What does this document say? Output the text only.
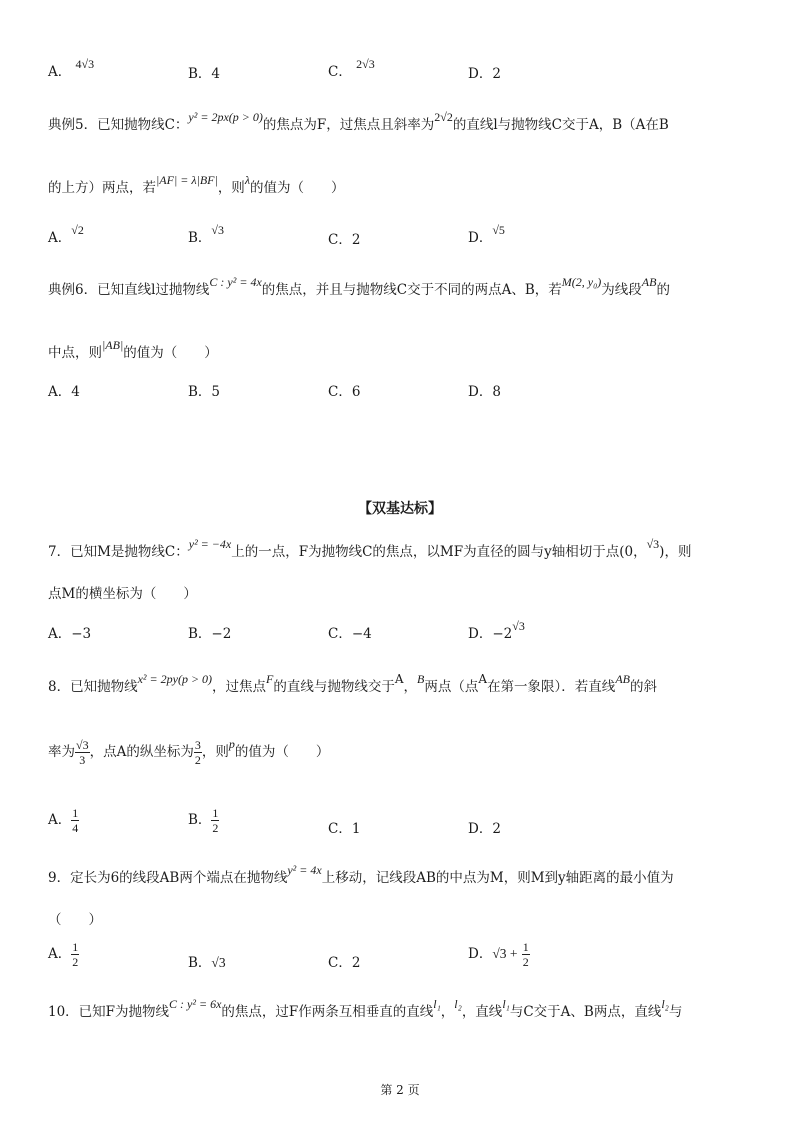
A． 4√3
B．4	C． 2√3
D．2
典例5．已知抛物线C：y² = 2px(p > 0)的焦点为F，过焦点且斜率为2√2的直线l与抛物线C交于A，B（A在B
的上方）两点，若|AF| = λ|BF|，则λ的值为（　　）
A．√2	B．√3
C．2	D．√5
典例6．已知直线l过抛物线C : y² = 4x的焦点，并且与抛物线C交于不同的两点A、B，若M(2, y₀)为线段AB的
中点，则|AB|的值为（　　）
A．4	B．5	C．6	D．8
【双基达标】
7．已知M是抛物线C：y² = −4x上的一点，F为抛物线C的焦点，以MF为直径的圆与y轴相切于点(0，√3)，则
点M的横坐标为（　　）
A．−3	B．−2	C．−4	D．−2√3
8．已知抛物线x² = 2py(p > 0)，过焦点F的直线与抛物线交于A，B两点（点A在第一象限）．若直线AB的斜
率为 $\frac{√3}{3}$ ，点A的纵坐标为 $\frac{3}{2}$ ，则p的值为（　　）
A． $\frac{1}{4}$	B． $\frac{1}{2}$	C．1	D．2
9．定长为6的线段AB两个端点在抛物线y² = 4x上移动，记线段AB的中点为M，则M到y轴距离的最小值为
（　　）
A． $\frac{1}{2}$	B．√3	C．2
D．$√3 + \frac{1}{2}$
10．已知F为抛物线C : y² = 6x的焦点，过F作两条互相垂直的直线l₁，l₂，直线l₁与C交于A、B两点，直线l₂与
第 2 页
